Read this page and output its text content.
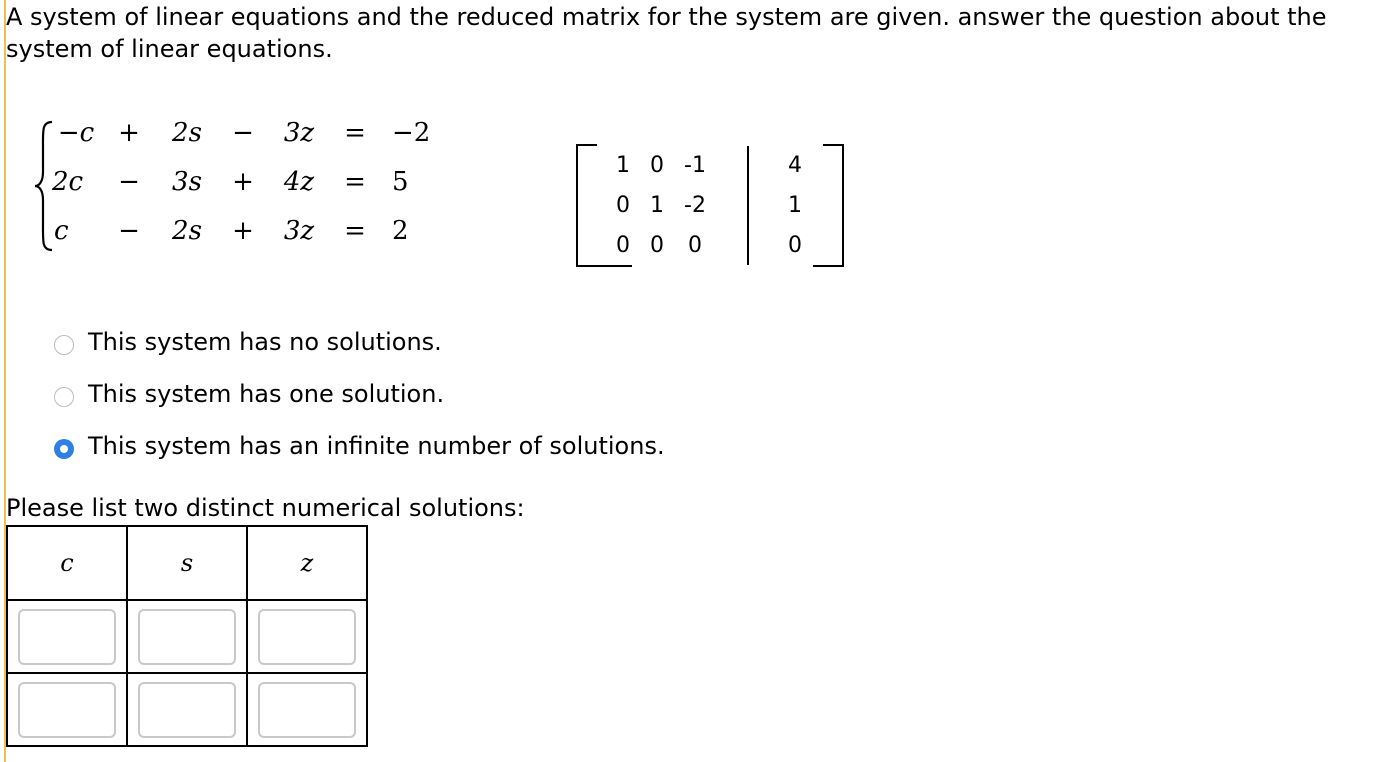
A system of linear equations and the reduced matrix for the system are given. answer the question about the system of linear equations.
−c +	2s	−	3z	= −2
2c −	3s	+	4z	= 5
c −	2s	+	3z	= 2
1 0 -1	4
0 1 -2	1
0 0 0	0
This system has no solutions.
This system has one solution.
This system has an infinite number of solutions.
Please list two distinct numerical solutions:
c	s	z
